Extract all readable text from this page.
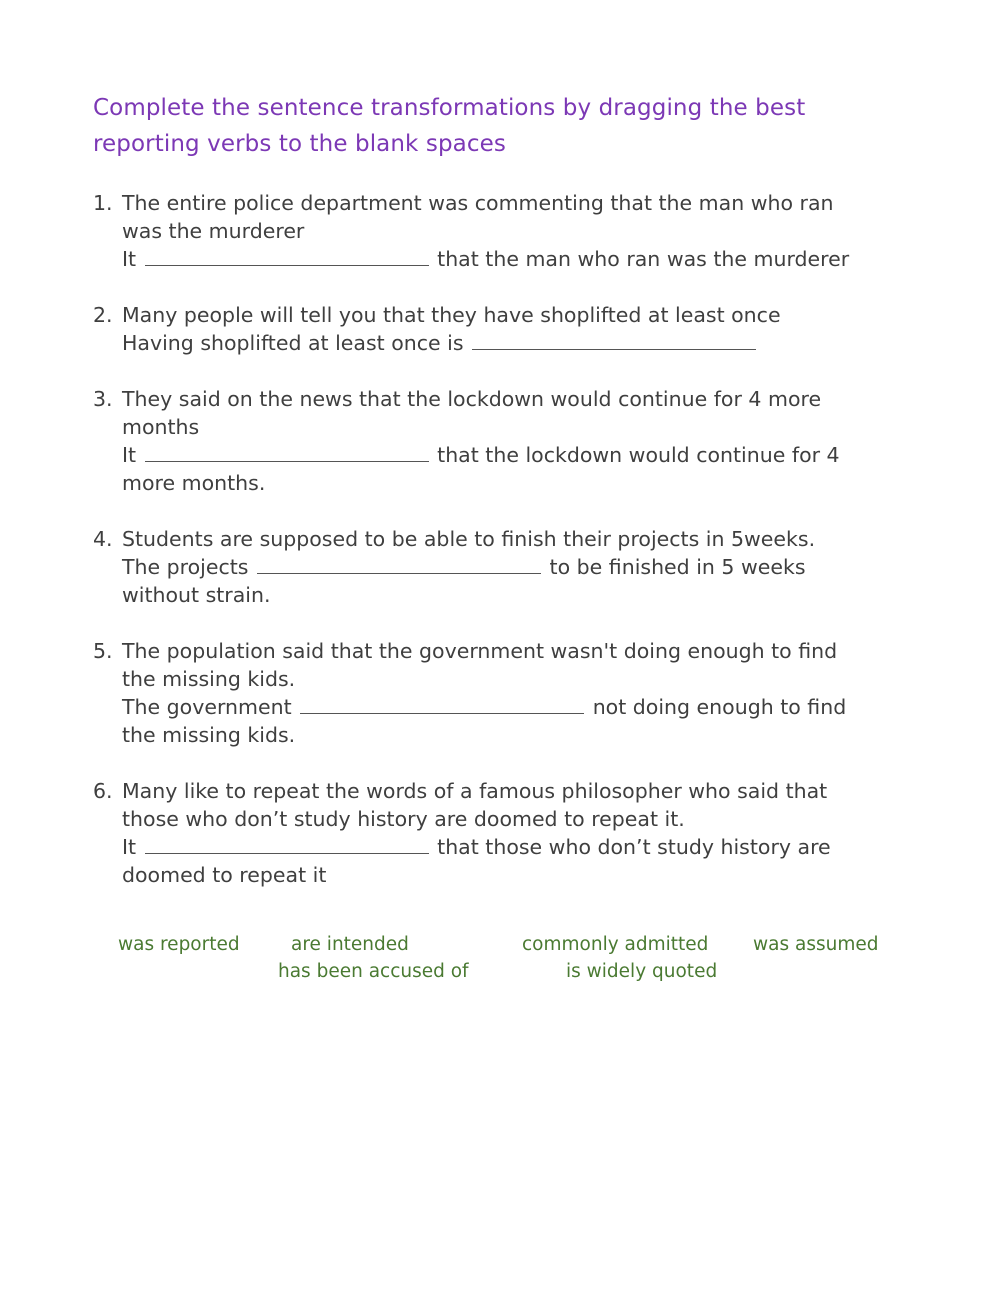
Complete the sentence transformations by dragging the best reporting verbs to the blank spaces
1. The entire police department was commenting that the man who ran
was the murderer
It	that the man who ran was the murderer
2. Many people will tell you that they have shoplifted at least once
Having shoplifted at least once is
3. They said on the news that the lockdown would continue for 4 more
months
It	that the lockdown would continue for 4
more months.
4. Students are supposed to be able to finish their projects in 5weeks.
The projects	to be finished in 5 weeks
without strain.
5. The population said that the government wasn't doing enough to find
the missing kids.
The government	not doing enough to find
the missing kids.
6. Many like to repeat the words of a famous philosopher who said that
those who don’t study history are doomed to repeat it.
It	that those who don’t study history are
doomed to repeat it
was reported	are intended	commonly admitted was assumed
has been accused of	is widely quoted
